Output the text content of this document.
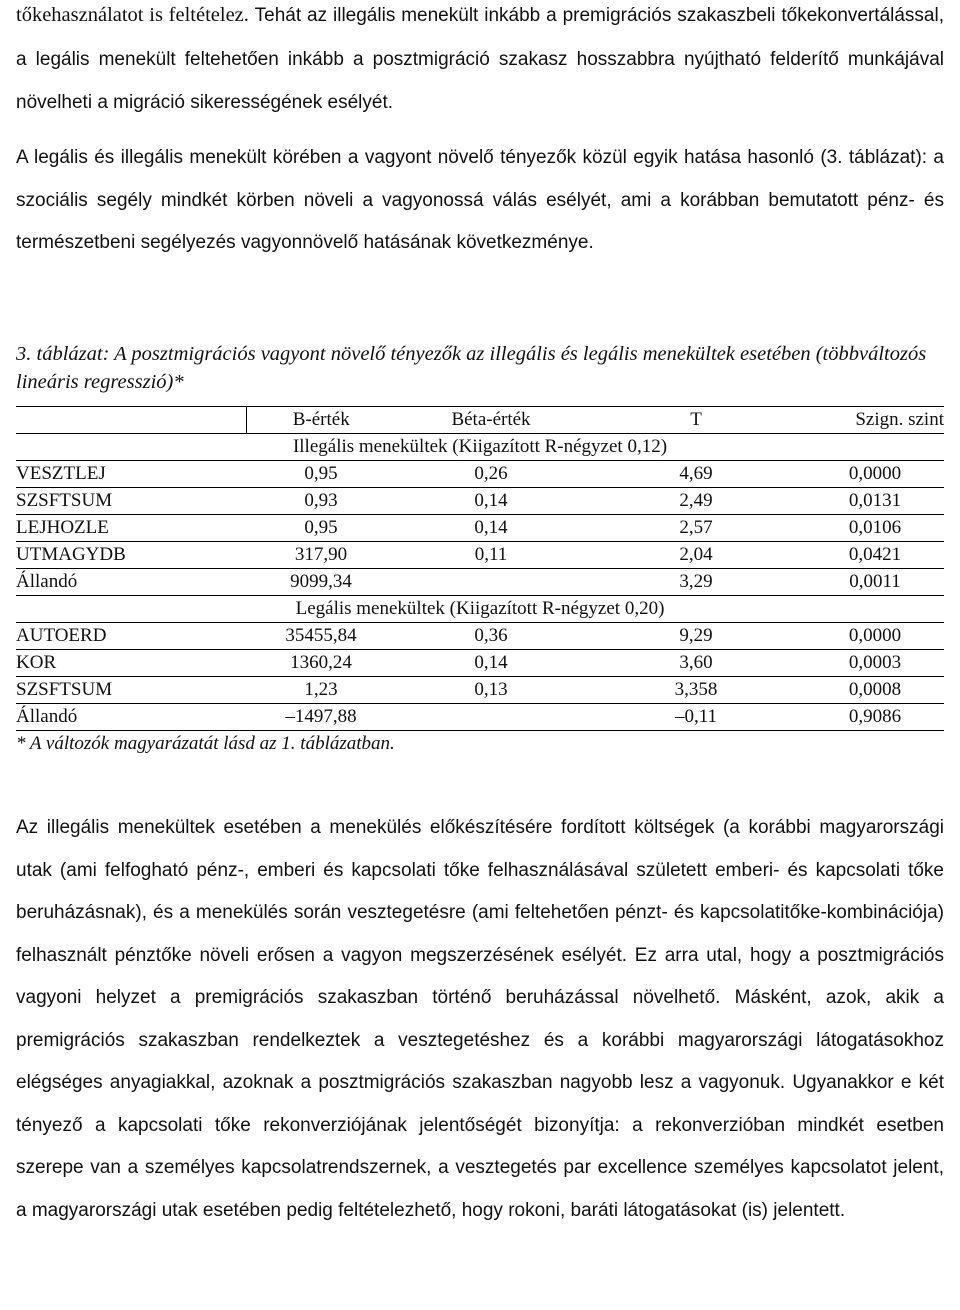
tőkehasználatot is feltételez. Tehát az illegális menekült inkább a premigrációs szakaszbeli tőkekonvertálással, a legális menekült feltehetően inkább a posztmigráció szakasz hosszabbra nyújtható felderítő munkájával növelheti a migráció sikerességének esélyét.

A legális és illegális menekült körében a vagyont növelő tényezők közül egyik hatása hasonló (3. táblázat): a szociális segély mindkét körben növeli a vagyonossá válás esélyét, ami a korábban bemutatott pénz- és természetbeni segélyezés vagyonnövelő hatásának következménye.

3. táblázat: A posztmigrációs vagyont növelő tényezők az illegális és legális menekültek esetében (többváltozós lineáris regresszió)*

	B-érték	Béta-érték	T	Szign. szint
Illegális menekültek (Kiigazított R-négyzet 0,12)				
VESZTLEJ	0,95	0,26	4,69	0,0000
SZSFTSUM	0,93	0,14	2,49	0,0131
LEJHOZLE	0,95	0,14	2,57	0,0106
UTMAGYDB	317,90	0,11	2,04	0,0421
Állandó	9099,34		3,29	0,0011
Legális menekültek (Kiigazított R-négyzet 0,20)				
AUTOERD	35455,84	0,36	9,29	0,0000
KOR	1360,24	0,14	3,60	0,0003
SZSFTSUM	1,23	0,13	3,358	0,0008
Állandó	–1497,88		–0,11	0,9086
* A változók magyarázatát lásd az 1. táblázatban.

Az illegális menekültek esetében a menekülés előkészítésére fordított költségek (a korábbi magyarországi utak (ami felfogható pénz-, emberi és kapcsolati tőke felhasználásával született emberi- és kapcsolati tőke beruházásnak), és a menekülés során vesztegetésre (ami feltehetően pénzt- és kapcsolatitőke-kombinációja) felhasznált pénztőke növeli erősen a vagyon megszerzésének esélyét. Ez arra utal, hogy a posztmigrációs vagyoni helyzet a premigrációs szakaszban történő beruházással növelhető. Másként, azok, akik a premigrációs szakaszban rendelkeztek a vesztegetéshez és a korábbi magyarországi látogatásokhoz elégséges anyagiakkal, azoknak a posztmigrációs szakaszban nagyobb lesz a vagyonuk. Ugyanakkor e két tényező a kapcsolati tőke rekonverziójának jelentőségét bizonyítja: a rekonverzióban mindkét esetben szerepe van a személyes kapcsolatrendszernek, a vesztegetés par excellence személyes kapcsolatot jelent, a magyarországi utak esetében pedig feltételezhető, hogy rokoni, baráti látogatásokat (is) jelentett.
